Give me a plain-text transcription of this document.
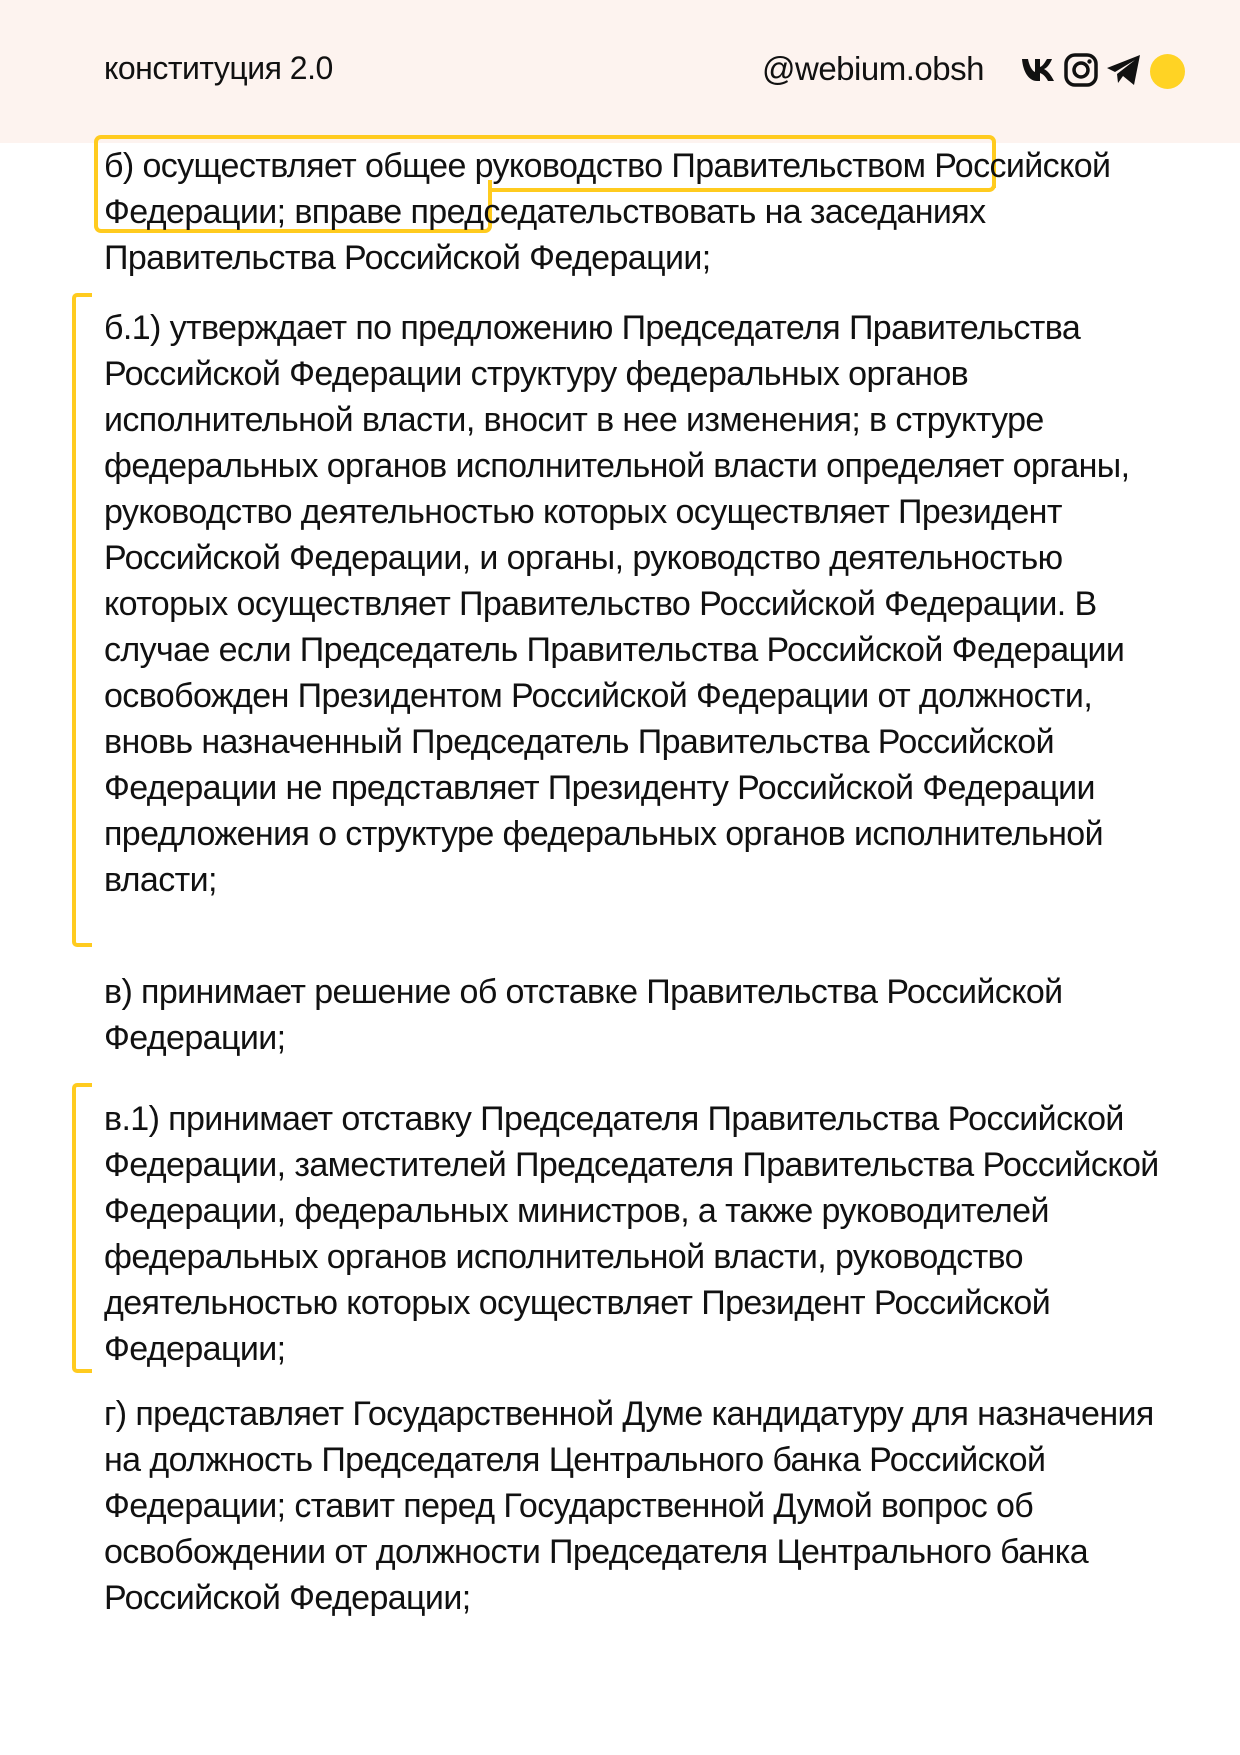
конституция 2.0	@webium.obsh

б) осуществляет общее руководство Правительством Российской Федерации; вправе председательствовать на заседаниях Правительства Российской Федерации;

б.1) утверждает по предложению Председателя Правительства Российской Федерации структуру федеральных органов исполнительной власти, вносит в нее изменения; в структуре федеральных органов исполнительной власти определяет органы, руководство деятельностью которых осуществляет Президент Российской Федерации, и органы, руководство деятельностью которых осуществляет Правительство Российской Федерации. В случае если Председатель Правительства Российской Федерации освобожден Президентом Российской Федерации от должности, вновь назначенный Председатель Правительства Российской Федерации не представляет Президенту Российской Федерации предложения о структуре федеральных органов исполнительной власти;

в) принимает решение об отставке Правительства Российской Федерации;

в.1) принимает отставку Председателя Правительства Российской Федерации, заместителей Председателя Правительства Российской Федерации, федеральных министров, а также руководителей федеральных органов исполнительной власти, руководство деятельностью которых осуществляет Президент Российской Федерации;

г) представляет Государственной Думе кандидатуру для назначения на должность Председателя Центрального банка Российской Федерации; ставит перед Государственной Думой вопрос об освобождении от должности Председателя Центрального банка Российской Федерации;
